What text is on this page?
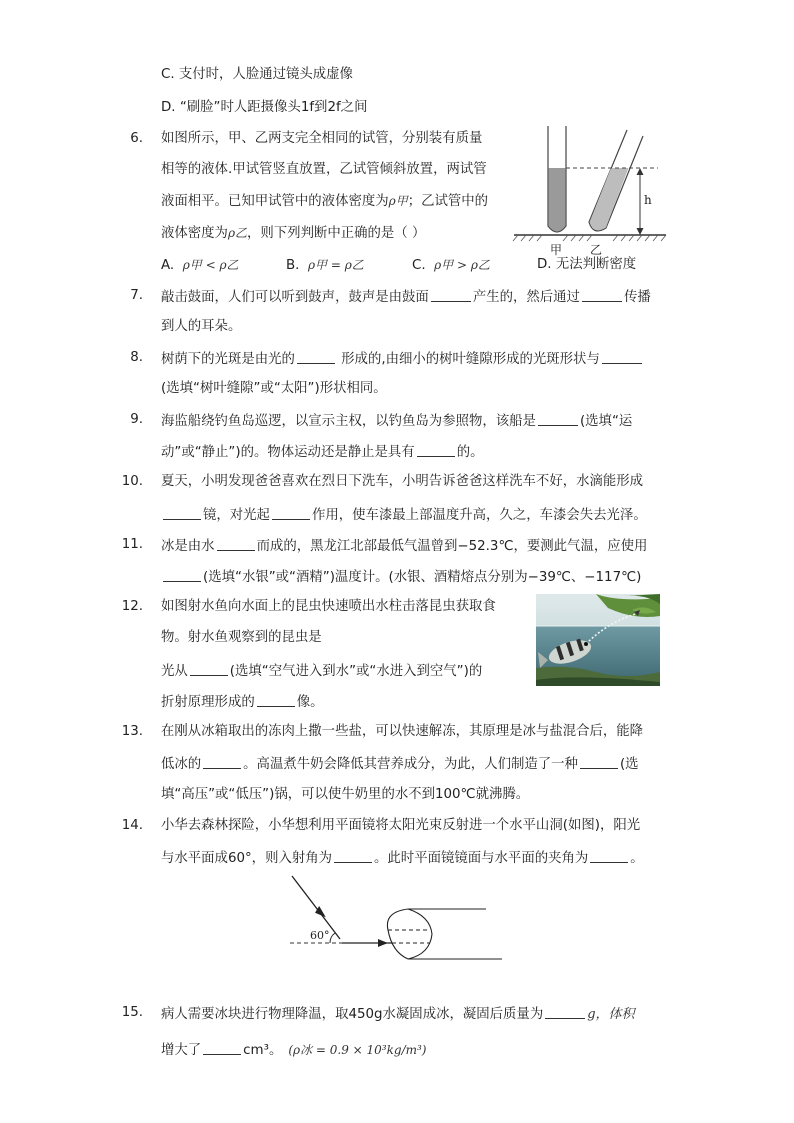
C. 支付时，人脸通过镜头成虚像
D. “刷脸”时人距摄像头1f到2f之间
6. 如图所示，甲、乙两支完全相同的试管，分别装有质量
相等的液体.甲试管竖直放置，乙试管倾斜放置，两试管
液面相平。已知甲试管中的液体密度为ρ甲；乙试管中的
液体密度为ρ乙，则下列判断中正确的是（ ）
A. ρ甲 < ρ乙	B. ρ甲 = ρ乙	C. ρ甲 > ρ乙	D. 无法判断密度
h
甲 乙
7. 敲击鼓面，人们可以听到鼓声，鼓声是由鼓面	产生的，然后通过	传播
到人的耳朵。
8. 树荫下的光斑是由光的	形成的,由细小的树叶缝隙形成的光斑形状与
(选填“树叶缝隙”或“太阳”)形状相同。
9. 海监船绕钓鱼岛巡逻，以宣示主权，以钓鱼岛为参照物，该船是	(选填“运
动”或“静止”)的。物体运动还是静止是具有	的。
10. 夏天，小明发现爸爸喜欢在烈日下洗车，小明告诉爸爸这样洗车不好，水滴能形成
镜，对光起	作用，使车漆最上部温度升高，久之，车漆会失去光泽。
11. 冰是由水	而成的，黑龙江北部最低气温曾到−52.3℃，要测此气温，应使用
(选填“水银”或“酒精”)温度计。(水银、酒精熔点分别为−39℃、−117℃)
12. 如图射水鱼向水面上的昆虫快速喷出水柱击落昆虫获取食
物。射水鱼观察到的昆虫是
光从	(选填“空气进入到水”或“水进入到空气”)的
折射原理形成的	像。
13. 在刚从冰箱取出的冻肉上撒一些盐，可以快速解冻，其原理是冰与盐混合后，能降
低冰的	。高温煮牛奶会降低其营养成分，为此，人们制造了一种	(选
填“高压”或“低压”)锅，可以使牛奶里的水不到100℃就沸腾。
14. 小华去森林探险，小华想利用平面镜将太阳光束反射进一个水平山洞(如图)，阳光
与水平面成60°，则入射角为	。此时平面镜镜面与水平面的夹角为	。
60°
15. 病人需要冰块进行物理降温，取450g水凝固成冰，凝固后质量为	g，体积
增大了	cm³。 (ρ冰 = 0.9 × 10³kg/m³)
